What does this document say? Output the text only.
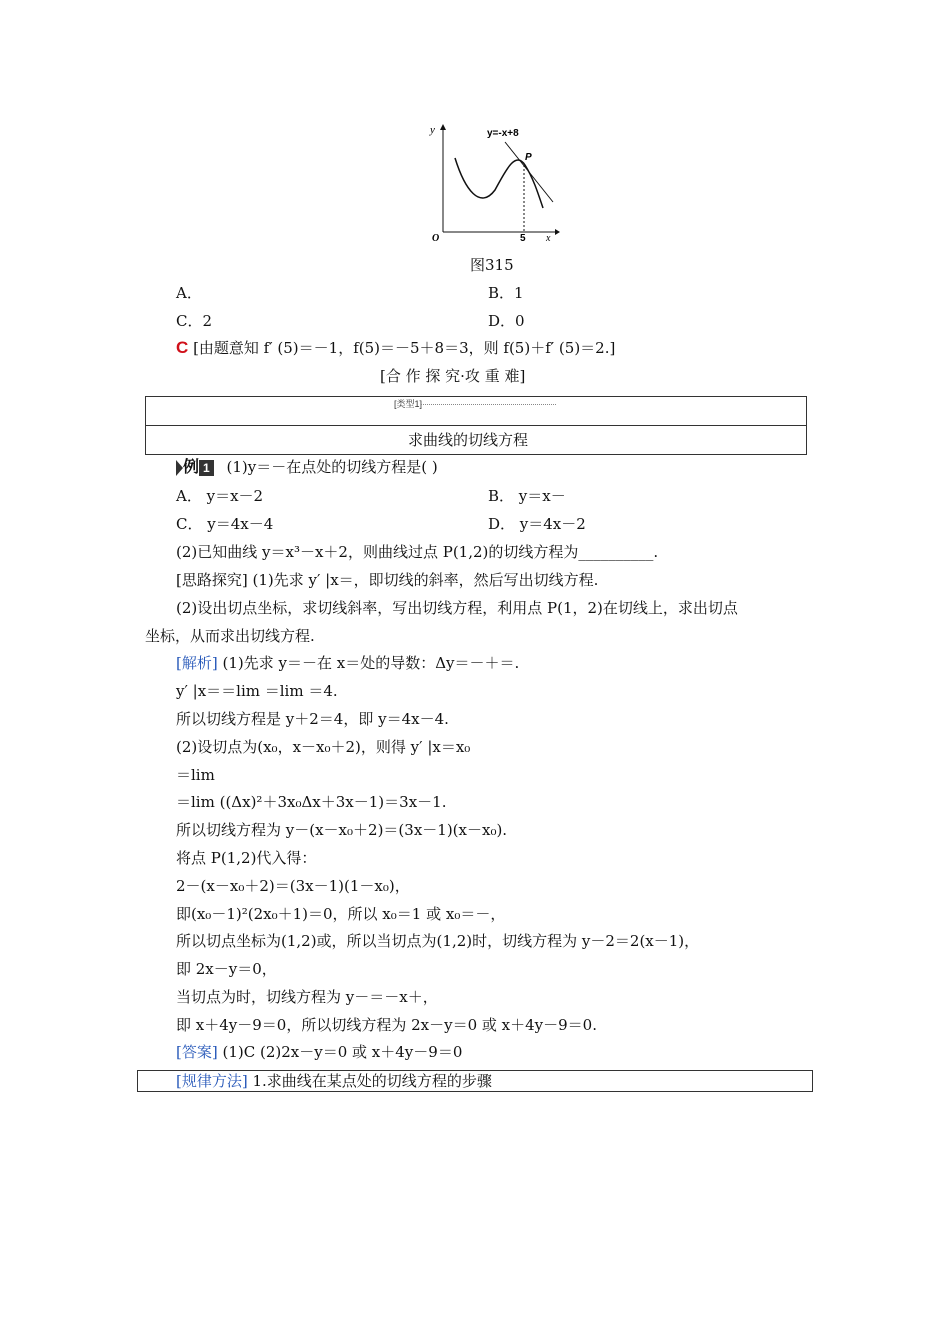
y	y=-x+8
P
O	5 x
图315
A．	B．1
C．2	D．0
C [由题意知 f′ (5)＝－1，f(5)＝－5＋8＝3，则 f(5)＋f′ (5)＝2.]
[合 作 探 究·攻 重 难]
[类型1]
求曲线的切线方程
例 1 (1)y＝－在点处的切线方程是( )
A． y＝x－2	B． y＝x－
C． y＝4x－4	D． y＝4x－2
(2)已知曲线 y＝x³－x＋2，则曲线过点 P(1,2)的切线方程为__________.
[思路探究] (1)先求 y′ |x＝，即切线的斜率，然后写出切线方程.
(2)设出切点坐标，求切线斜率，写出切线方程，利用点 P(1，2)在切线上，求出切点
坐标，从而求出切线方程.
[解析] (1)先求 y＝－在 x＝处的导数：Δy＝－＋＝.
y′ |x＝＝lim ＝lim ＝4.
所以切线方程是 y＋2＝4，即 y＝4x－4.
(2)设切点为(x₀，x－x₀＋2)，则得 y′ |x＝x₀
＝lim
＝lim ((Δx)²＋3x₀Δx＋3x－1)＝3x－1.
所以切线方程为 y－(x－x₀＋2)＝(3x－1)(x－x₀).
将点 P(1,2)代入得：
2－(x－x₀＋2)＝(3x－1)(1－x₀)，
即(x₀－1)²(2x₀＋1)＝0，所以 x₀＝1 或 x₀＝－，
所以切点坐标为(1,2)或，所以当切点为(1,2)时，切线方程为 y－2＝2(x－1)，
即 2x－y＝0，
当切点为时，切线方程为 y－＝－x＋，
即 x＋4y－9＝0，所以切线方程为 2x－y＝0 或 x＋4y－9＝0.
[答案] (1)C (2)2x－y＝0 或 x＋4y－9＝0
[规律方法] 1.求曲线在某点处的切线方程的步骤
